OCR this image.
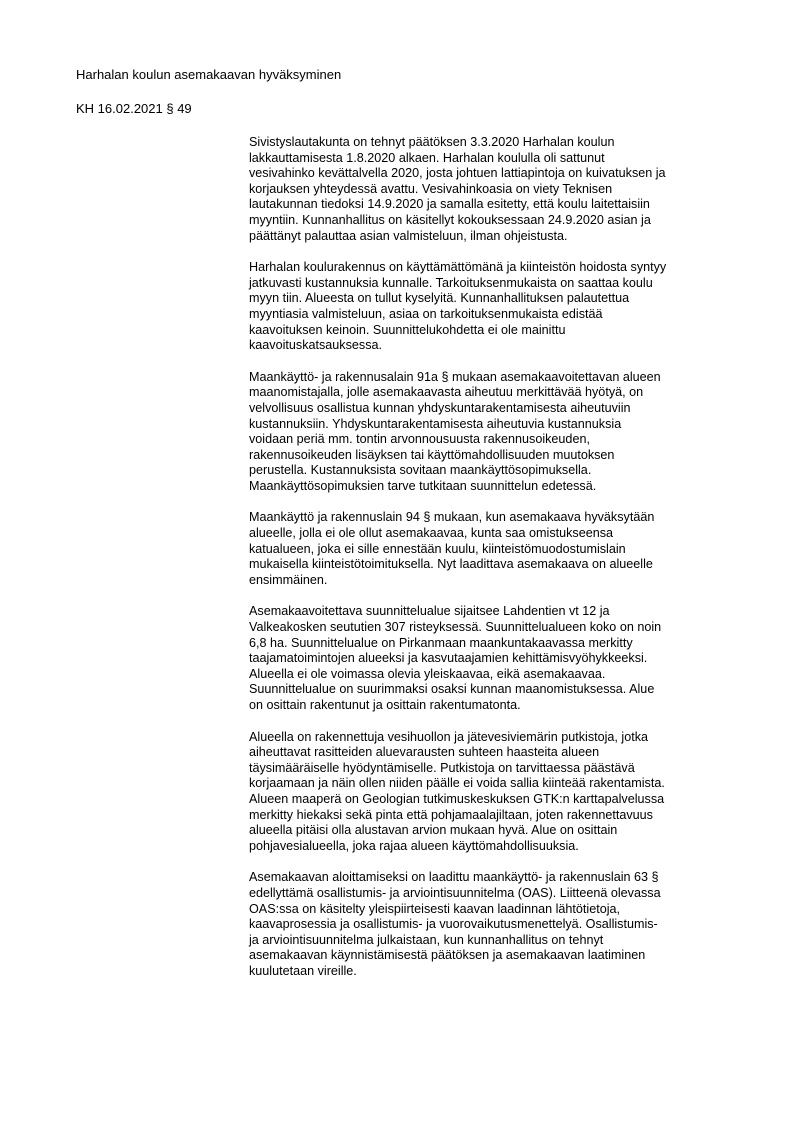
Harhalan koulun asemakaavan hyväksyminen
KH 16.02.2021 § 49
Sivistyslautakunta on tehnyt päätöksen 3.3.2020 Harhalan koulun
lakkauttamisesta 1.8.2020 alkaen. Harhalan koululla oli sattunut
vesivahinko kevättalvella 2020, josta johtuen lattiapintoja on kuivatuksen ja
korjauksen yhteydessä avattu. Vesivahinkoasia on viety Teknisen
lautakunnan tiedoksi 14.9.2020 ja samalla esitetty, että koulu laitettaisiin
myyntiin. Kunnanhallitus on käsitellyt kokouksessaan 24.9.2020 asian ja
päättänyt palauttaa asian valmisteluun, ilman ohjeistusta.
Harhalan koulurakennus on käyttämättömänä ja kiinteistön hoidosta syntyy
jatkuvasti kustannuksia kunnalle. Tarkoituksenmukaista on saattaa koulu
myyn tiin. Alueesta on tullut kyselyitä. Kunnanhallituksen palautettua
myyntiasia valmisteluun, asiaa on tarkoituksenmukaista edistää
kaavoituksen keinoin. Suunnittelukohdetta ei ole mainittu
kaavoituskatsauksessa.
Maankäyttö- ja rakennusalain 91a § mukaan asemakaavoitettavan alueen
maanomistajalla, jolle asemakaavasta aiheutuu merkittävää hyötyä, on
velvollisuus osallistua kunnan yhdyskuntarakentamisesta aiheutuviin
kustannuksiin. Yhdyskuntarakentamisesta aiheutuvia kustannuksia
voidaan periä mm. tontin arvonnousuusta rakennusoikeuden,
rakennusoikeuden lisäyksen tai käyttömahdollisuuden muutoksen
perustella. Kustannuksista sovitaan maankäyttösopimuksella.
Maankäyttösopimuksien tarve tutkitaan suunnittelun edetessä.
Maankäyttö ja rakennuslain 94 § mukaan, kun asemakaava hyväksytään
alueelle, jolla ei ole ollut asemakaavaa, kunta saa omistukseensa
katualueen, joka ei sille ennestään kuulu, kiinteistömuodostumislain
mukaisella kiinteistötoimituksella. Nyt laadittava asemakaava on alueelle
ensimmäinen.
Asemakaavoitettava suunnittelualue sijaitsee Lahdentien vt 12 ja
Valkeakosken seututien 307 risteyksessä. Suunnittelualueen koko on noin
6,8 ha. Suunnittelualue on Pirkanmaan maankuntakaavassa merkitty
taajamatoimintojen alueeksi ja kasvutaajamien kehittämisvyöhykkeeksi.
Alueella ei ole voimassa olevia yleiskaavaa, eikä asemakaavaa.
Suunnittelualue on suurimmaksi osaksi kunnan maanomistuksessa. Alue
on osittain rakentunut ja osittain rakentumatonta.
Alueella on rakennettuja vesihuollon ja jätevesiviemärin putkistoja, jotka
aiheuttavat rasitteiden aluevarausten suhteen haasteita alueen
täysimääräiselle hyödyntämiselle. Putkistoja on tarvittaessa päästävä
korjaamaan ja näin ollen niiden päälle ei voida sallia kiinteää rakentamista.
Alueen maaperä on Geologian tutkimuskeskuksen GTK:n karttapalvelussa
merkitty hiekaksi sekä pinta että pohjamaalajiltaan, joten rakennettavuus
alueella pitäisi olla alustavan arvion mukaan hyvä. Alue on osittain
pohjavesialueella, joka rajaa alueen käyttömahdollisuuksia.
Asemakaavan aloittamiseksi on laadittu maankäyttö- ja rakennuslain 63 §
edellyttämä osallistumis- ja arviointisuunnitelma (OAS). Liitteenä olevassa
OAS:ssa on käsitelty yleispiirteisesti kaavan laadinnan lähtötietoja,
kaavaprosessia ja osallistumis- ja vuorovaikutusmenettelyä. Osallistumis-
ja arviointisuunnitelma julkaistaan, kun kunnanhallitus on tehnyt
asemakaavan käynnistämisestä päätöksen ja asemakaavan laatiminen
kuulutetaan vireille.
